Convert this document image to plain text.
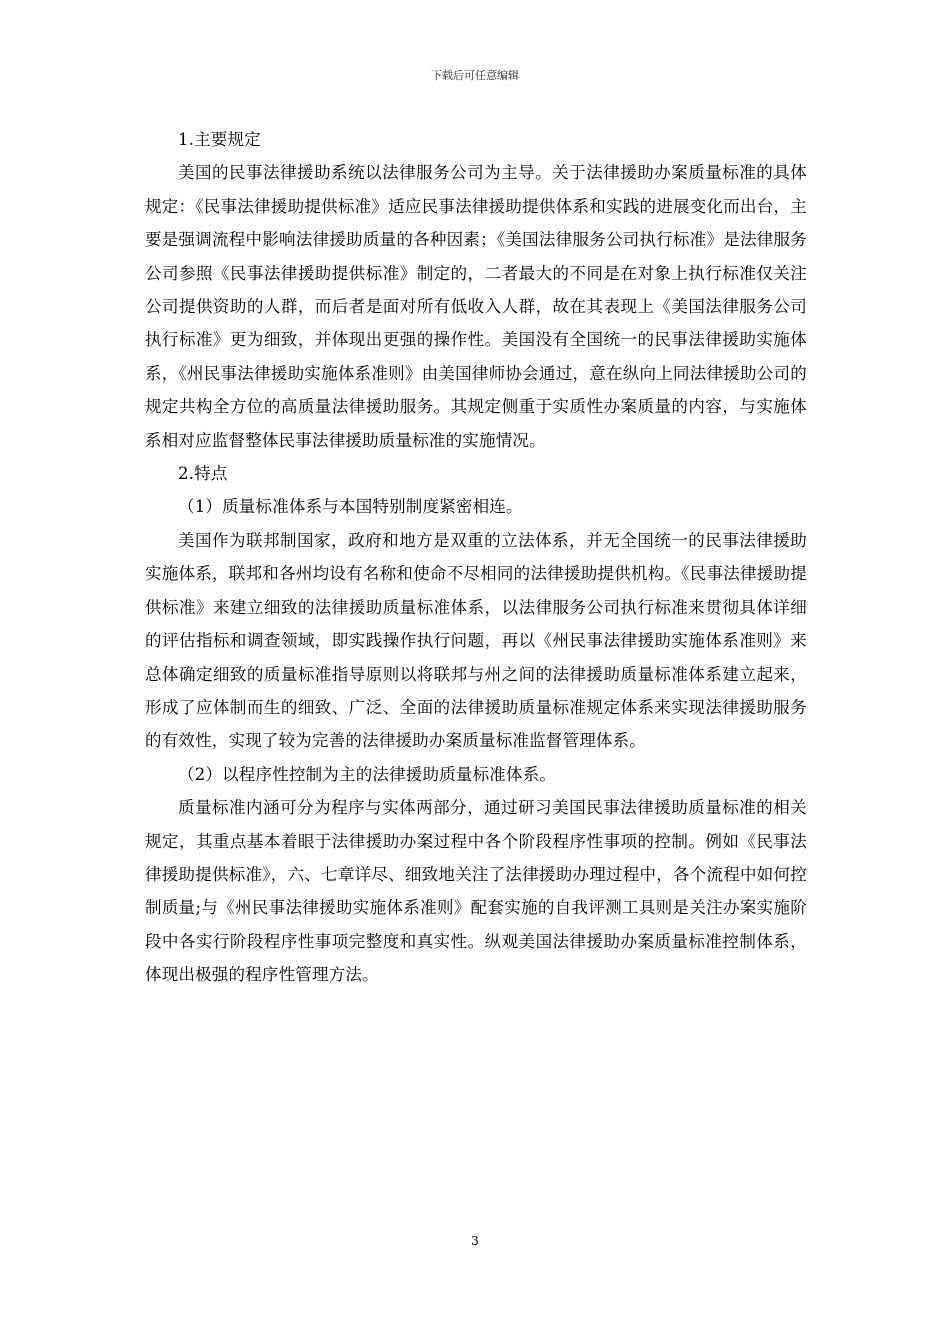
下载后可任意编辑

1.主要规定

美国的民事法律援助系统以法律服务公司为主导。关于法律援助办案质量标准的具体规定：《民事法律援助提供标准》适应民事法律援助提供体系和实践的进展变化而出台，主要是强调流程中影响法律援助质量的各种因素；《美国法律服务公司执行标准》是法律服务公司参照《民事法律援助提供标准》制定的，二者最大的不同是在对象上执行标准仅关注公司提供资助的人群，而后者是面对所有低收入人群，故在其表现上《美国法律服务公司执行标准》更为细致，并体现出更强的操作性。美国没有全国统一的民事法律援助实施体系，《州民事法律援助实施体系准则》由美国律师协会通过，意在纵向上同法律援助公司的规定共构全方位的高质量法律援助服务。其规定侧重于实质性办案质量的内容，与实施体系相对应监督整体民事法律援助质量标准的实施情况。

2.特点

（1）质量标准体系与本国特别制度紧密相连。

美国作为联邦制国家，政府和地方是双重的立法体系，并无全国统一的民事法律援助实施体系，联邦和各州均设有名称和使命不尽相同的法律援助提供机构。《民事法律援助提供标准》来建立细致的法律援助质量标准体系，以法律服务公司执行标准来贯彻具体详细的评估指标和调查领域，即实践操作执行问题，再以《州民事法律援助实施体系准则》来总体确定细致的质量标准指导原则以将联邦与州之间的法律援助质量标准体系建立起来，形成了应体制而生的细致、广泛、全面的法律援助质量标准规定体系来实现法律援助服务的有效性，实现了较为完善的法律援助办案质量标准监督管理体系。

（2）以程序性控制为主的法律援助质量标准体系。

质量标准内涵可分为程序与实体两部分，通过研习美国民事法律援助质量标准的相关规定，其重点基本着眼于法律援助办案过程中各个阶段程序性事项的控制。例如《民事法律援助提供标准》，六、七章详尽、细致地关注了法律援助办理过程中，各个流程中如何控制质量;与《州民事法律援助实施体系准则》配套实施的自我评测工具则是关注办案实施阶段中各实行阶段程序性事项完整度和真实性。纵观美国法律援助办案质量标准控制体系，体现出极强的程序性管理方法。

3
